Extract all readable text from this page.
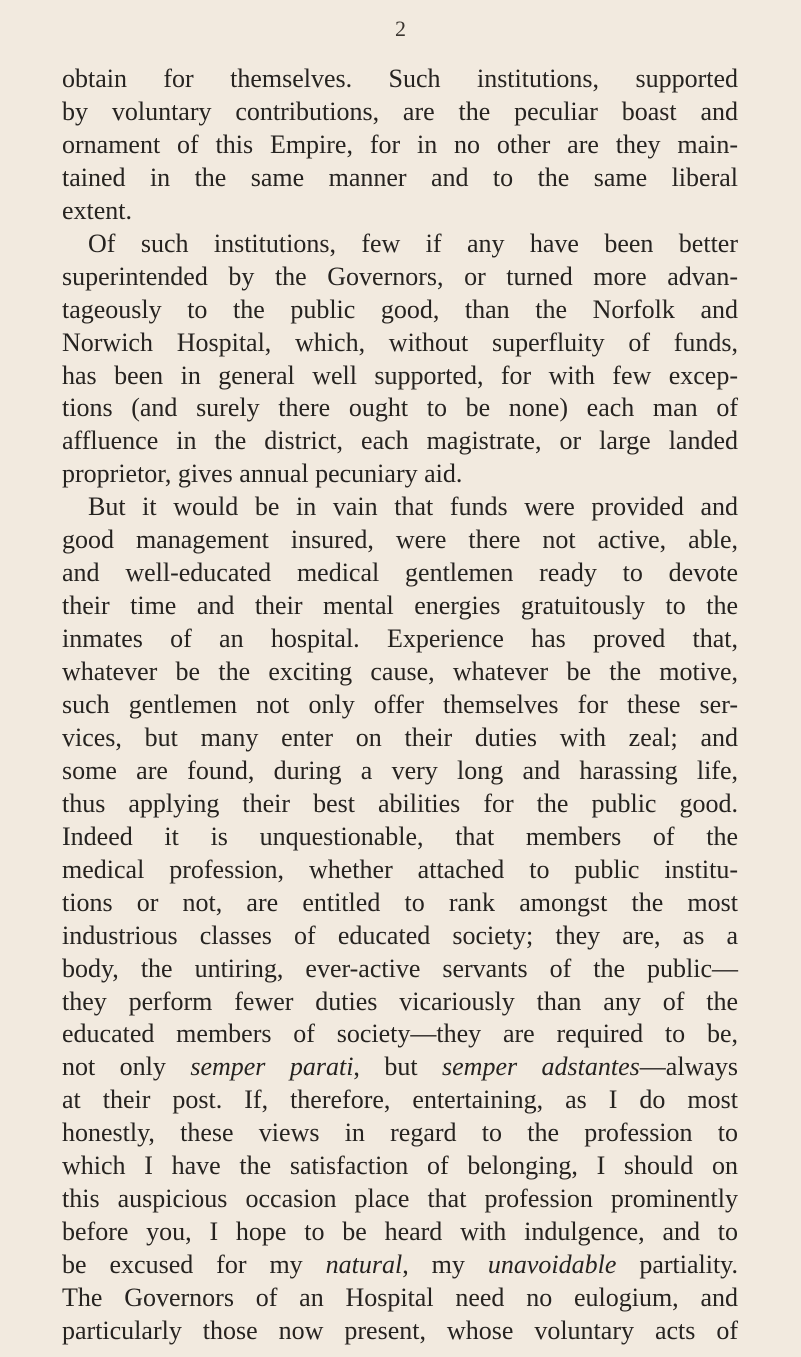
2
obtain for themselves. Such institutions, supported
by voluntary contributions, are the peculiar boast and
ornament of this Empire, for in no other are they main-
tained in the same manner and to the same liberal
extent.
Of such institutions, few if any have been better
superintended by the Governors, or turned more advan-
tageously to the public good, than the Norfolk and
Norwich Hospital, which, without superfluity of funds,
has been in general well supported, for with few excep-
tions (and surely there ought to be none) each man of
affluence in the district, each magistrate, or large landed
proprietor, gives annual pecuniary aid.
But it would be in vain that funds were provided and
good management insured, were there not active, able,
and well-educated medical gentlemen ready to devote
their time and their mental energies gratuitously to the
inmates of an hospital. Experience has proved that,
whatever be the exciting cause, whatever be the motive,
such gentlemen not only offer themselves for these ser-
vices, but many enter on their duties with zeal; and
some are found, during a very long and harassing life,
thus applying their best abilities for the public good.
Indeed it is unquestionable, that members of the
medical profession, whether attached to public institu-
tions or not, are entitled to rank amongst the most
industrious classes of educated society; they are, as a
body, the untiring, ever-active servants of the public—
they perform fewer duties vicariously than any of the
educated members of society—they are required to be,
not only semper parati, but semper adstantes—always
at their post. If, therefore, entertaining, as I do most
honestly, these views in regard to the profession to
which I have the satisfaction of belonging, I should on
this auspicious occasion place that profession prominently
before you, I hope to be heard with indulgence, and to
be excused for my natural, my unavoidable partiality.
The Governors of an Hospital need no eulogium, and
particularly those now present, whose voluntary acts of
